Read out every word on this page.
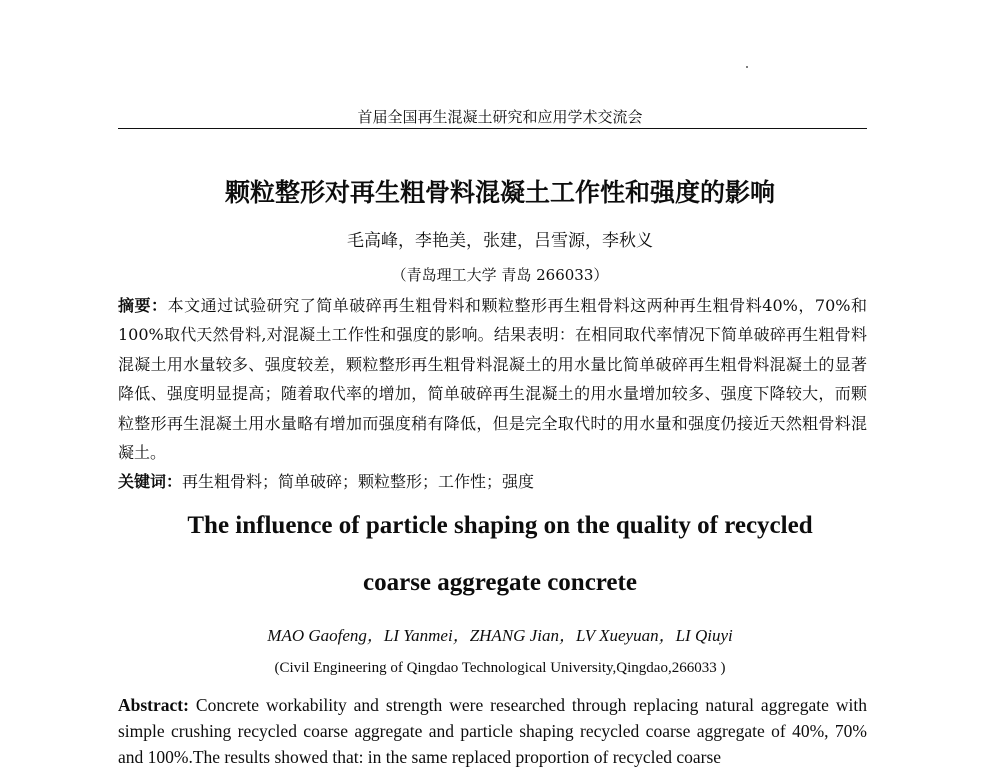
首届全国再生混凝土研究和应用学术交流会
颗粒整形对再生粗骨料混凝土工作性和强度的影响
毛高峰，李艳美，张建，吕雪源，李秋义
（青岛理工大学 青岛 266033）
摘要：本文通过试验研究了简单破碎再生粗骨料和颗粒整形再生粗骨料这两种再生粗骨料40%，70%和 100%取代天然骨料,对混凝土工作性和强度的影响。结果表明：在相同取代率情况下简单破碎再生粗骨料混凝土用水量较多、强度较差，颗粒整形再生粗骨料混凝土的用水量比简单破碎再生粗骨料混凝土的显著降低、强度明显提高；随着取代率的增加，简单破碎再生混凝土的用水量增加较多、强度下降较大，而颗粒整形再生混凝土用水量略有增加而强度稍有降低，但是完全取代时的用水量和强度仍接近天然粗骨料混凝土。
关键词：再生粗骨料；简单破碎；颗粒整形；工作性；强度
The influence of particle shaping on the quality of recycled
coarse aggregate concrete
MAO Gaofeng，LI Yanmei，ZHANG Jian，LV Xueyuan，LI Qiuyi
(Civil Engineering of Qingdao Technological University,Qingdao,266033 )
Abstract: Concrete workability and strength were researched through replacing natural aggregate with simple crushing recycled coarse aggregate and particle shaping recycled coarse aggregate of 40%, 70% and 100%.The results showed that: in the same replaced proportion of recycled coarse
